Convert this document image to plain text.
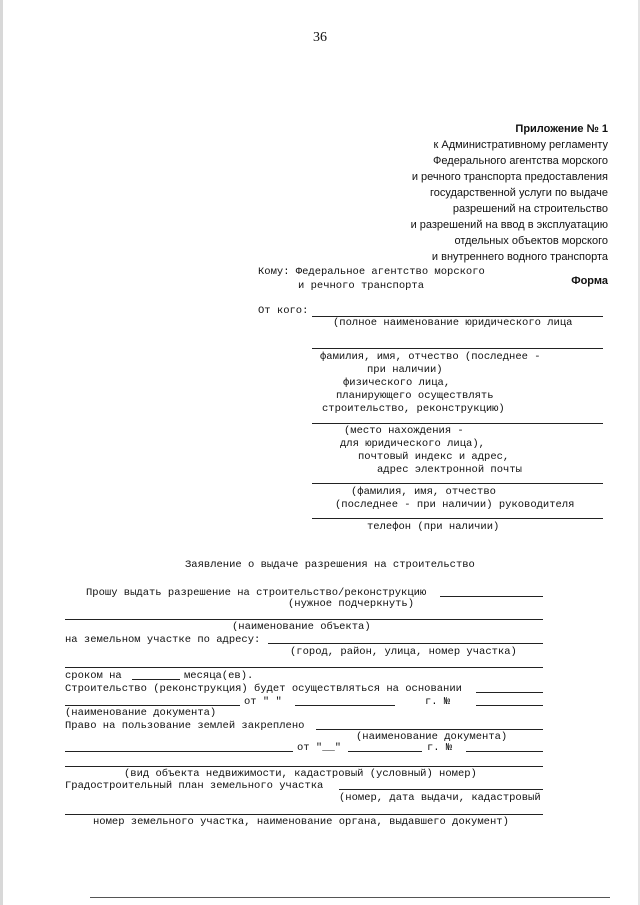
36
Приложение № 1
к Административному регламенту
Федерального агентства морского
и речного транспорта предоставления
государственной услуги по выдаче
разрешений на строительство
и разрешений на ввод в эксплуатацию
отдельных объектов морского
и внутреннего водного транспорта
Форма
Кому: Федеральное агентство морского
и речного транспорта
От кого:
(полное наименование юридического лица
фамилия, имя, отчество (последнее -
при наличии)
физического лица,
планирующего осуществлять
строительство, реконструкцию)
(место нахождения -
для юридического лица),
почтовый индекс и адрес,
адрес электронной почты
(фамилия, имя, отчество
(последнее - при наличии) руководителя
телефон (при наличии)
Заявление о выдаче разрешения на строительство
Прошу выдать разрешение на строительство/реконструкцию
(нужное подчеркнуть)
(наименование объекта)
на земельном участке по адресу:
(город, район, улица, номер участка)
сроком на	месяца(ев).
Строительство (реконструкция) будет осуществляться на основании
от " "	г. №
(наименование документа)
Право на пользование землей закреплено
(наименование документа)
от "__"	г. №
(вид объекта недвижимости, кадастровый (условный) номер)
Градостроительный план земельного участка
(номер, дата выдачи, кадастровый
номер земельного участка, наименование органа, выдавшего документ)
